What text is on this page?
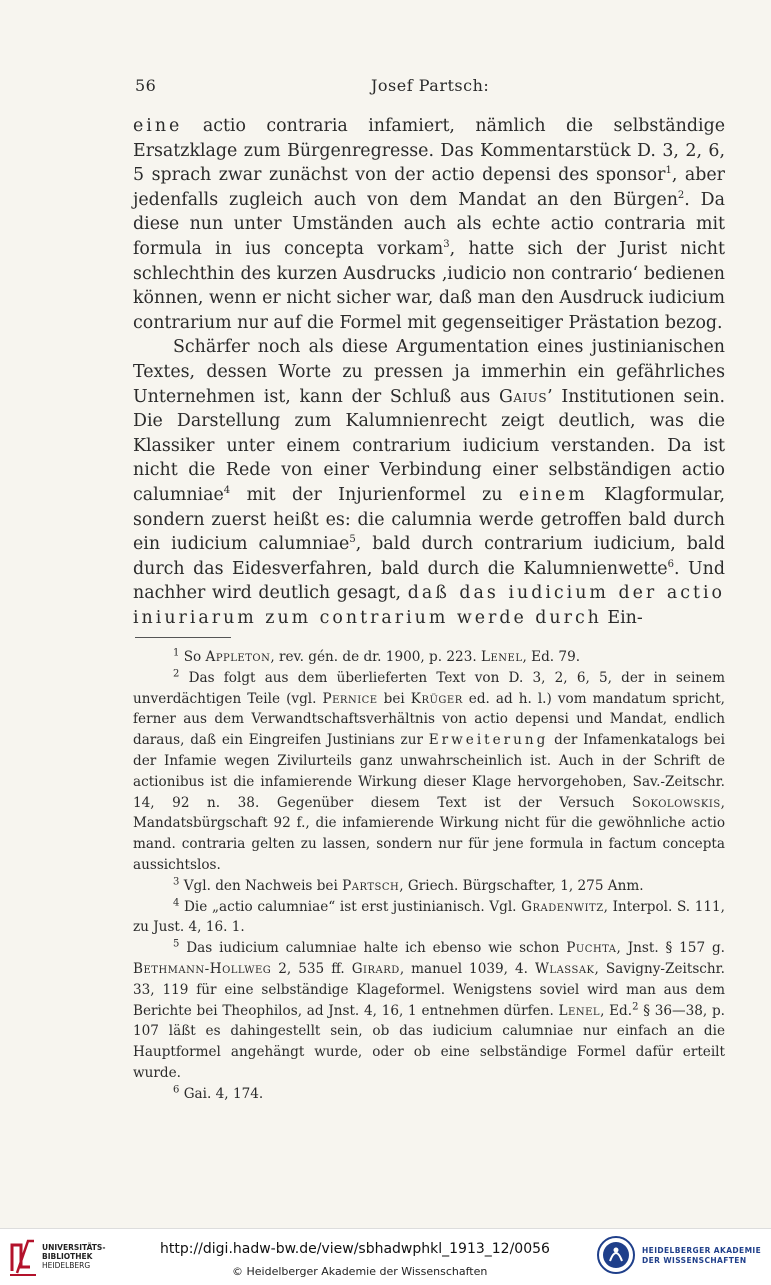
56	Josef Partsch:

eine actio contraria infamiert, nämlich die selbständige Ersatzklage zum Bürgenregresse. Das Kommentarstück D. 3, 2, 6, 5 sprach zwar zunächst von der actio depensi des sponsor$^1$, aber jedenfalls zugleich auch von dem Mandat an den Bürgen$^2$. Da diese nun unter Umständen auch als echte actio contraria mit formula in ius concepta vorkam$^3$, hatte sich der Jurist nicht schlechthin des kurzen Ausdrucks ‚iudicio non contrario‘ bedienen können, wenn er nicht sicher war, daß man den Ausdruck iudicium contrarium nur auf die Formel mit gegenseitiger Prästation bezog.

Schärfer noch als diese Argumentation eines justinianischen Textes, dessen Worte zu pressen ja immerhin ein gefährliches Unternehmen ist, kann der Schluß aus Gaius’ Institutionen sein. Die Darstellung zum Kalumnienrecht zeigt deutlich, was die Klassiker unter einem contrarium iudicium verstanden. Da ist nicht die Rede von einer Verbindung einer selbständigen actio calumniae$^4$ mit der Injurienformel zu einem Klagformular, sondern zuerst heißt es: die calumnia werde getroffen bald durch ein iudicium calumniae$^5$, bald durch contrarium iudicium, bald durch das Eidesverfahren, bald durch die Kalumnienwette$^6$. Und nachher wird deutlich gesagt, daß das iudicium der actio iniuriarum zum contrarium werde durch Ein-

$^1$ So Appleton, rev. gén. de dr. 1900, p. 223. Lenel, Ed. 79.

$^2$ Das folgt aus dem überlieferten Text von D. 3, 2, 6, 5, der in seinem unverdächtigen Teile (vgl. Pernice bei Krüger ed. ad h. l.) vom mandatum spricht, ferner aus dem Verwandtschaftsverhältnis von actio depensi und Mandat, endlich daraus, daß ein Eingreifen Justinians zur Erweiterung der Infamenkatalogs bei der Infamie wegen Zivilurteils ganz unwahrscheinlich ist. Auch in der Schrift de actionibus ist die infamierende Wirkung dieser Klage hervorgehoben, Sav.-Zeitschr. 14, 92 n. 38. Gegenüber diesem Text ist der Versuch Sokolowskis, Mandatsbürgschaft 92 f., die infamierende Wirkung nicht für die gewöhnliche actio mand. contraria gelten zu lassen, sondern nur für jene formula in factum concepta aussichtslos.

$^3$ Vgl. den Nachweis bei Partsch, Griech. Bürgschafter, 1, 275 Anm.

$^4$ Die „actio calumniae“ ist erst justinianisch. Vgl. Gradenwitz, Interpol. S. 111, zu Just. 4, 16. 1.

$^5$ Das iudicium calumniae halte ich ebenso wie schon Puchta, Jnst. § 157 g. Bethmann-Hollweg 2, 535 ff. Girard, manuel 1039, 4. Wlassak, Savigny-Zeitschr. 33, 119 für eine selbständige Klageformel. Wenigstens soviel wird man aus dem Berichte bei Theophilos, ad Jnst. 4, 16, 1 entnehmen dürfen. Lenel, Ed.$^2$ § 36—38, p. 107 läßt es dahingestellt sein, ob das iudicium calumniae nur einfach an die Hauptformel angehängt wurde, oder ob eine selbständige Formel dafür erteilt wurde.

$^6$ Gai. 4, 174.

UNIVERSITÄTS-
BIBLIOTHEK
HEIDELBERG
http://digi.hadw-bw.de/view/sbhadwphkl_1913_12/0056
© Heidelberger Akademie der Wissenschaften
HEIDELBERGER AKADEMIE
DER WISSENSCHAFTEN
